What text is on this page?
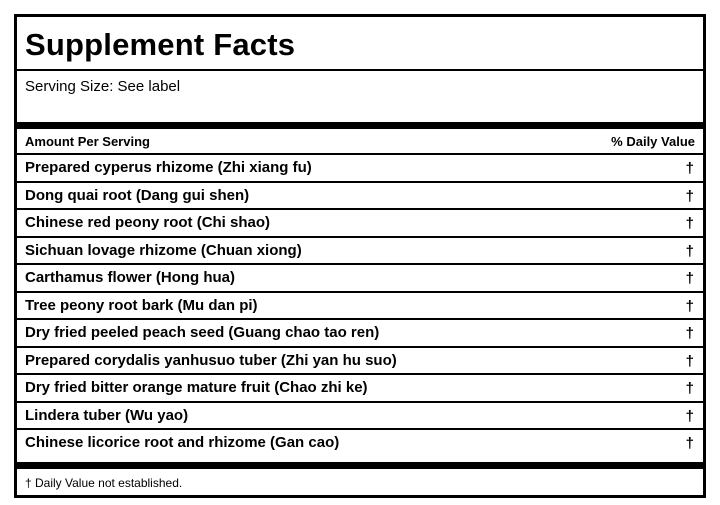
Supplement Facts
Serving Size: See label
Amount Per Serving	% Daily Value
Prepared cyperus rhizome (Zhi xiang fu)	†
Dong quai root (Dang gui shen)	†
Chinese red peony root (Chi shao)	†
Sichuan lovage rhizome (Chuan xiong)	†
Carthamus flower (Hong hua)	†
Tree peony root bark (Mu dan pi)	†
Dry fried peeled peach seed (Guang chao tao ren)	†
Prepared corydalis yanhusuo tuber (Zhi yan hu suo)	†
Dry fried bitter orange mature fruit (Chao zhi ke)	†
Lindera tuber (Wu yao)	†
Chinese licorice root and rhizome (Gan cao)	†
† Daily Value not established.
